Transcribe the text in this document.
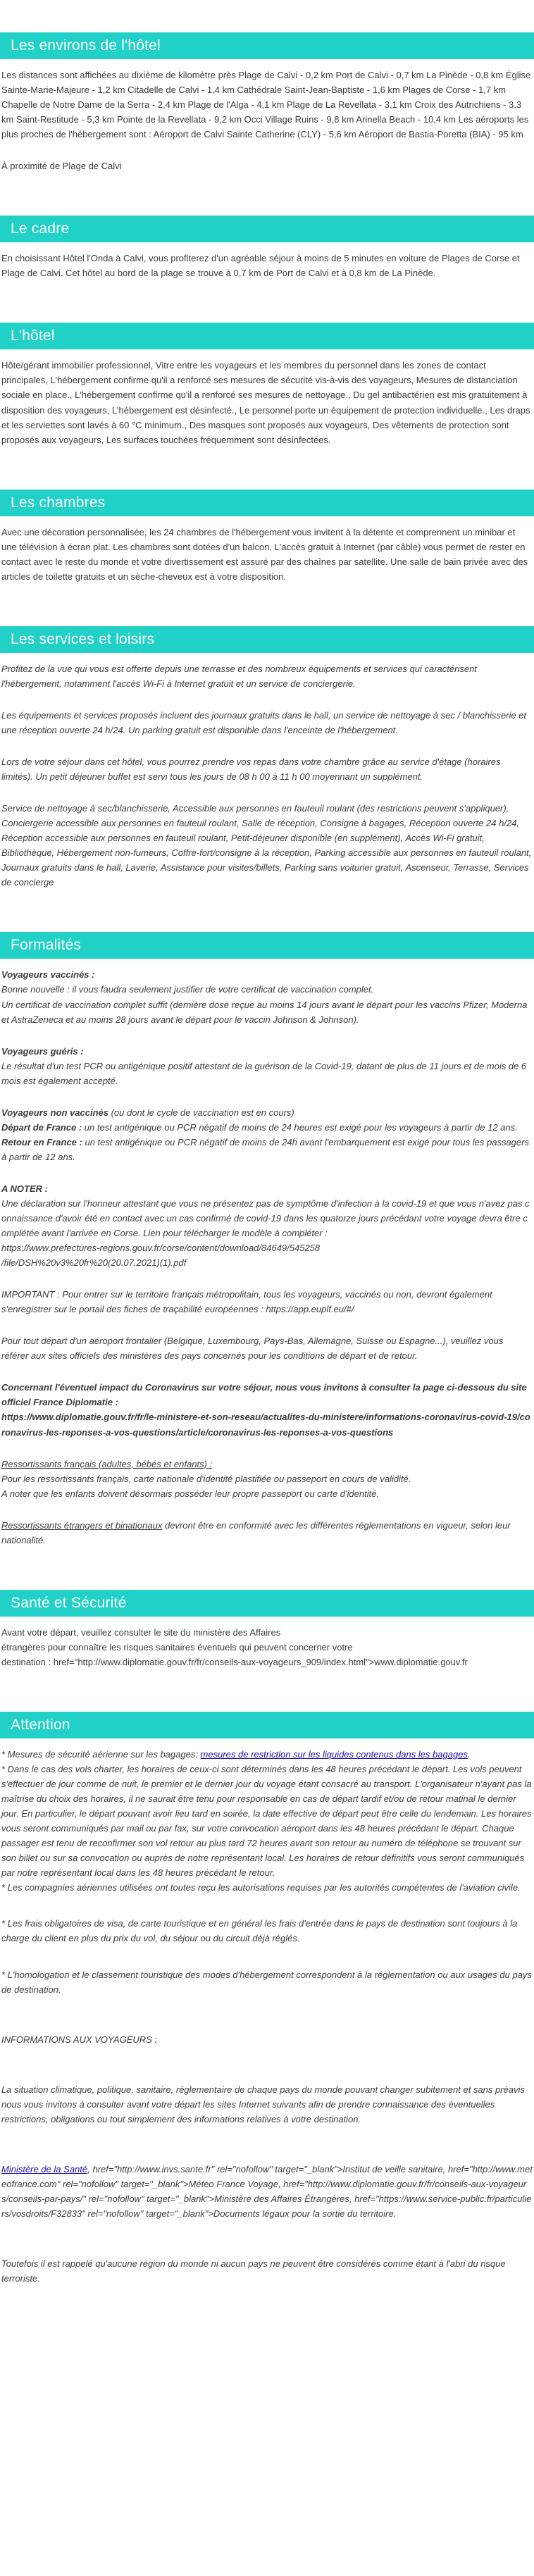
Les environs de l'hôtel

Les distances sont affichées au dixième de kilomètre près Plage de Calvi - 0,2 km Port de Calvi - 0,7 km La Pinède - 0,8 km Église Sainte-Marie-Majeure - 1,2 km Citadelle de Calvi - 1,4 km Cathédrale Saint-Jean-Baptiste - 1,6 km Plages de Corse - 1,7 km Chapelle de Notre Dame de la Serra - 2,4 km Plage de l'Alga - 4,1 km Plage de La Revellata - 3,1 km Croix des Autrichiens - 3,3 km Saint-Restitude - 5,3 km Pointe de la Revellata - 9,2 km Occi Village Ruins - 9,8 km Arinella Beach - 10,4 km Les aéroports les plus proches de l'hébergement sont : Aéroport de Calvi Sainte Catherine (CLY) - 5,6 km Aéroport de Bastia-Poretta (BIA) - 95 km

À proximité de Plage de Calvi

Le cadre

En choisissant Hôtel l'Onda à Calvi, vous profiterez d'un agréable séjour à moins de 5 minutes en voiture de Plages de Corse et Plage de Calvi. Cet hôtel au bord de la plage se trouve à 0,7 km de Port de Calvi et à 0,8 km de La Pinède.

L'hôtel

Hôte/gérant immobilier professionnel, Vitre entre les voyageurs et les membres du personnel dans les zones de contact principales, L'hébergement confirme qu'il a renforcé ses mesures de sécurité vis-à-vis des voyageurs, Mesures de distanciation sociale en place., L'hébergement confirme qu'il a renforcé ses mesures de nettoyage., Du gel antibactérien est mis gratuitement à disposition des voyageurs, L'hébergement est désinfecté., Le personnel porte un équipement de protection individuelle., Les draps et les serviettes sont lavés à 60 °C minimum., Des masques sont proposés aux voyageurs, Des vêtements de protection sont proposés aux voyageurs, Les surfaces touchées fréquemment sont désinfectées.

Les chambres

Avec une décoration personnalisée, les 24 chambres de l'hébergement vous invitent à la détente et comprennent un minibar et une télévision à écran plat. Les chambres sont dotées d'un balcon. L'accès gratuit à Internet (par câble) vous permet de rester en contact avec le reste du monde et votre divertissement est assuré par des chaînes par satellite. Une salle de bain privée avec des articles de toilette gratuits et un sèche-cheveux est à votre disposition.

Les services et loisirs

Profitez de la vue qui vous est offerte depuis une terrasse et des nombreux équipements et services qui caractérisent l'hébergement, notamment l'accès Wi-Fi à Internet gratuit et un service de conciergerie.

Les équipements et services proposés incluent des journaux gratuits dans le hall, un service de nettoyage à sec / blanchisserie et une réception ouverte 24 h/24. Un parking gratuit est disponible dans l'enceinte de l'hébergement.

Lors de votre séjour dans cet hôtel, vous pourrez prendre vos repas dans votre chambre grâce au service d'étage (horaires limités). Un petit déjeuner buffet est servi tous les jours de 08 h 00 à 11 h 00 moyennant un supplément.

Service de nettoyage à sec/blanchisserie, Accessible aux personnes en fauteuil roulant (des restrictions peuvent s'appliquer), Conciergerie accessible aux personnes en fauteuil roulant, Salle de réception, Consigne à bagages, Réception ouverte 24 h/24, Réception accessible aux personnes en fauteuil roulant, Petit-déjeuner disponible (en supplément), Accès Wi-Fi gratuit, Bibliothèque, Hébergement non-fumeurs, Coffre-fort/consigne à la réception, Parking accessible aux personnes en fauteuil roulant, Journaux gratuits dans le hall, Laverie, Assistance pour visites/billets, Parking sans voiturier gratuit, Ascenseur, Terrasse, Services de concierge

Formalités

Voyageurs vaccinés :
Bonne nouvelle : il vous faudra seulement justifier de votre certificat de vaccination complet.
Un certificat de vaccination complet suffit (dernière dose reçue au moins 14 jours avant le départ pour les vaccins Pfizer, Moderna et AstraZeneca et au moins 28 jours avant le départ pour le vaccin Johnson & Johnson).

Voyageurs guéris :
Le résultat d'un test PCR ou antigénique positif attestant de la guérison de la Covid-19, datant de plus de 11 jours et de mois de 6 mois est également accepté.

Voyageurs non vaccinés (ou dont le cycle de vaccination est en cours)
Départ de France : un test antigénique ou PCR négatif de moins de 24 heures est exigé pour les voyageurs à partir de 12 ans.
Retour en France : un test antigénique ou PCR négatif de moins de 24h avant l'embarquement est exigé pour tous les passagers à partir de 12 ans.

A NOTER :
Une déclaration sur l'honneur attestant que vous ne présentez pas de symptôme d'infection à la covid-19 et que vous n'avez pas connaissance d'avoir été en contact avec un cas confirmé de covid-19 dans les quatorze jours précédant votre voyage devra être complétée avant l'arrivée en Corse. Lien pour télécharger le modèle à compléter :
https://www.prefectures-regions.gouv.fr/corse/content/download/84649/545258
/file/DSH%20v3%20fr%20(20.07.2021)(1).pdf

IMPORTANT : Pour entrer sur le territoire français métropolitain, tous les voyageurs, vaccinés ou non, devront également s'enregistrer sur le portail des fiches de traçabilité européennes : https://app.euplf.eu/#/

Pour tout départ d'un aéroport frontalier (Belgique, Luxembourg, Pays-Bas, Allemagne, Suisse ou Espagne...), veuillez vous référer aux sites officiels des ministères des pays concernés pour les conditions de départ et de retour.

Concernant l'éventuel impact du Coronavirus sur votre séjour, nous vous invitons à consulter la page ci-dessous du site officiel France Diplomatie :
https://www.diplomatie.gouv.fr/fr/le-ministere-et-son-reseau/actualites-du-ministere/informations-coronavirus-covid-19/coronavirus-les-reponses-a-vos-questions/article/coronavirus-les-reponses-a-vos-questions

Ressortissants français (adultes, bébés et enfants) :
Pour les ressortissants français, carte nationale d'identité plastifiée ou passeport en cours de validité.
A noter que les enfants doivent désormais posséder leur propre passeport ou carte d'identité.

Ressortissants étrangers et binationaux devront être en conformité avec les différentes réglementations en vigueur, selon leur nationalité.

Santé et Sécurité

Avant votre départ, veuillez consulter le site du ministère des Affaires
étrangères pour connaître les risques sanitaires éventuels qui peuvent concerner votre
destination : href="http://www.diplomatie.gouv.fr/fr/conseils-aux-voyageurs_909/index.html">www.diplomatie.gouv.fr

Attention

* Mesures de sécurité aérienne sur les bagages: mesures de restriction sur les liquides contenus dans les bagages.
* Dans le cas des vols charter, les horaires de ceux-ci sont déterminés dans les 48 heures précédant le départ. Les vols peuvent s'effectuer de jour comme de nuit, le premier et le dernier jour du voyage étant consacré au transport. L'organisateur n'ayant pas la maîtrise du choix des horaires, il ne saurait être tenu pour responsable en cas de départ tardif et/ou de retour matinal le dernier jour. En particulier, le départ pouvant avoir lieu tard en soirée, la date effective de départ peut être celle du lendemain. Les horaires vous seront communiqués par mail ou par fax, sur votre convocation aéroport dans les 48 heures précédant le départ. Chaque passager est tenu de reconfirmer son vol retour au plus tard 72 heures avant son retour au numéro de téléphone se trouvant sur son billet ou sur sa convocation ou auprès de notre représentant local. Les horaires de retour définitifs vous seront communiqués par notre représentant local dans les 48 heures précédant le retour.
* Les compagnies aériennes utilisées ont toutes reçu les autorisations requises par les autorités compétentes de l'aviation civile.

* Les frais obligatoires de visa, de carte touristique et en général les frais d'entrée dans le pays de destination sont toujours à la charge du client en plus du prix du vol, du séjour ou du circuit déjà réglés.

* L'homologation et le classement touristique des modes d'hébergement correspondent à la réglementation ou aux usages du pays de destination.

INFORMATIONS AUX VOYAGEURS :

La situation climatique, politique, sanitaire, réglementaire de chaque pays du monde pouvant changer subitement et sans préavis
nous vous invitons à consulter avant votre départ les sites Internet suivants afin de prendre connaissance des éventuelles restrictions, obligations ou tout simplement des informations relatives à votre destination.

Ministère de la Santé, href="http://www.invs.sante.fr" rel="nofollow" target="_blank">Institut de veille sanitaire, href="http://www.meteofrance.com" rel="nofollow" target="_blank">Méteo France Voyage, href="http://www.diplomatie.gouv.fr/fr/conseils-aux-voyageurs/conseils-par-pays/" rel="nofollow" target="_blank">Ministère des Affaires Étrangères, href="https://www.service-public.fr/particuliers/vosdroits/F32833" rel="nofollow" target="_blank">Documents légaux pour la sortie du territoire.

Toutefois il est rappelé qu'aucune région du monde ni aucun pays ne peuvent être considérés comme étant à l'abri du risque terroriste.
